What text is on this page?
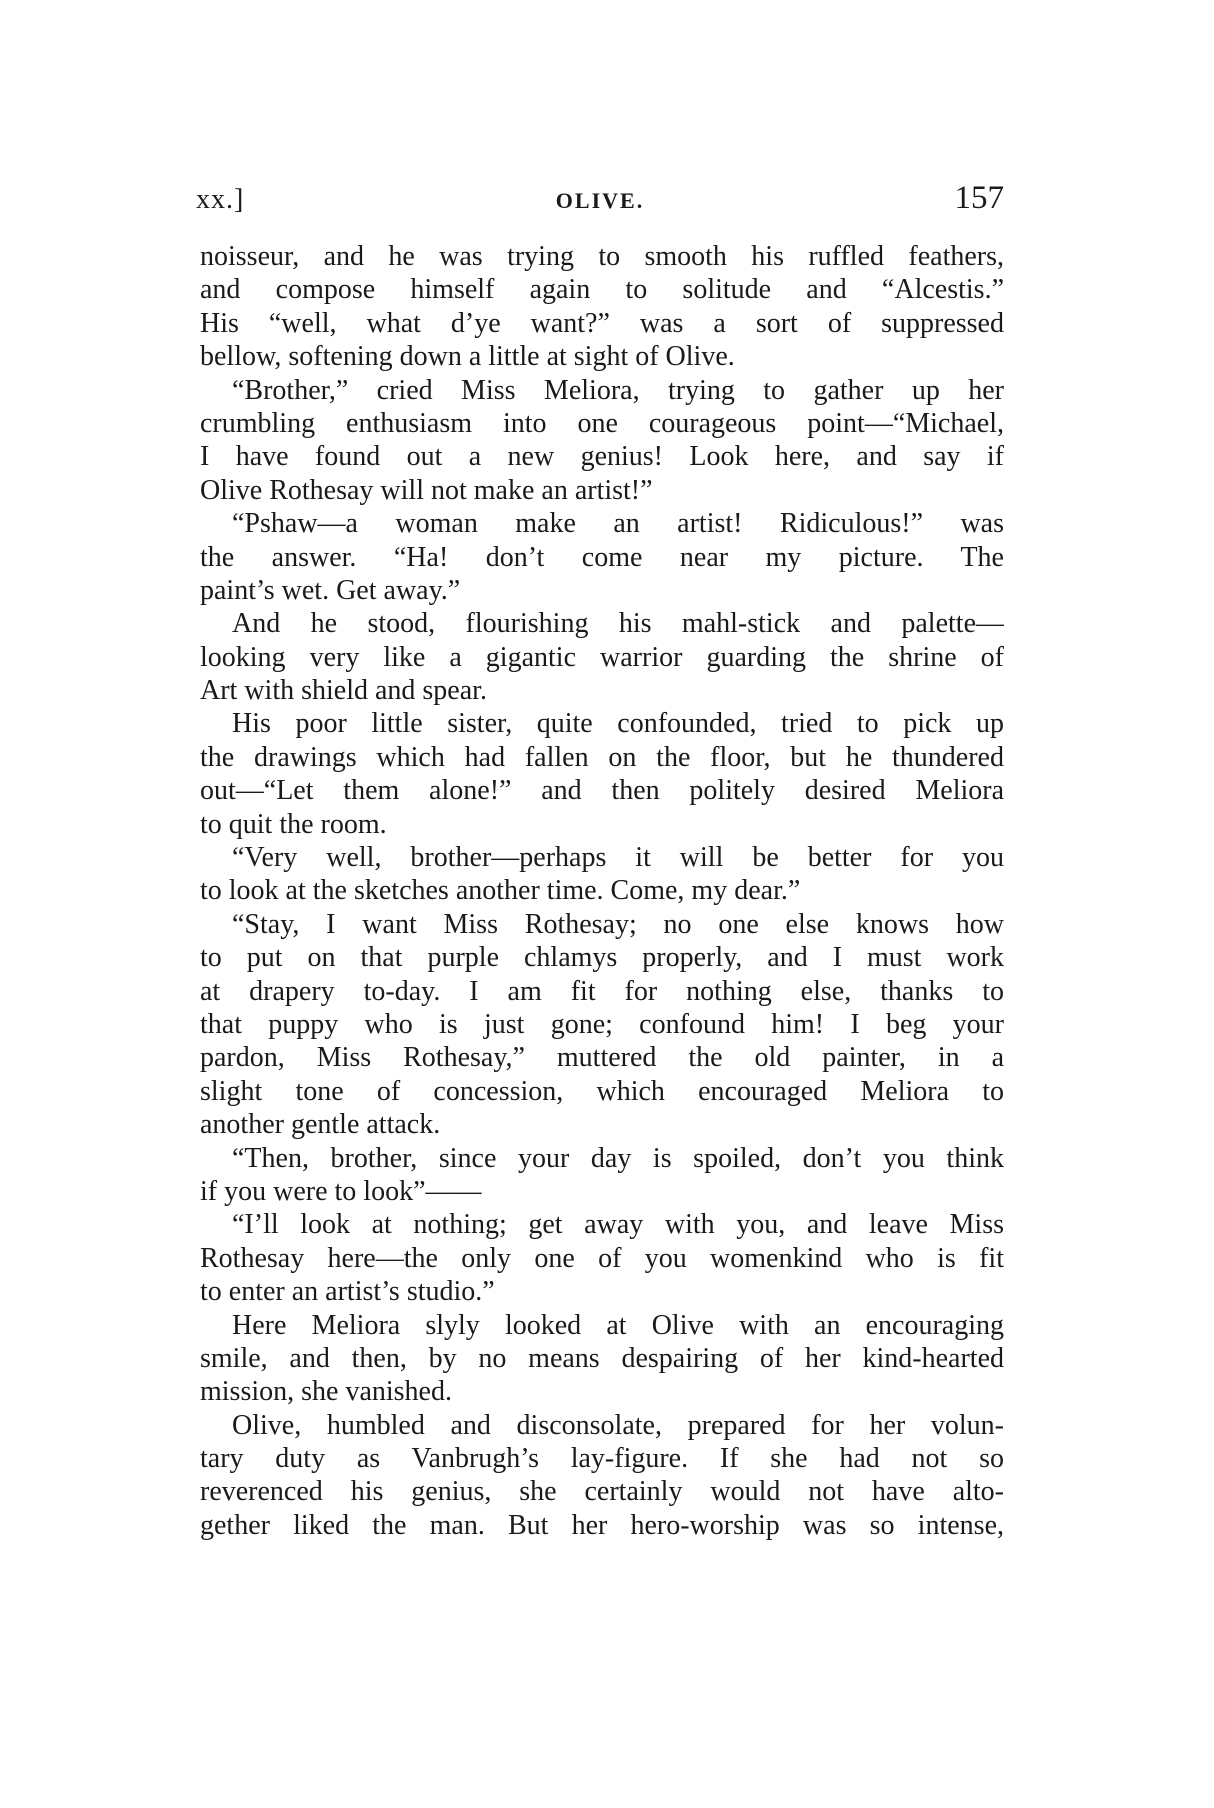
xx.]	OLIVE.	157
noisseur, and he was trying to smooth his ruffled feathers,
and compose himself again to solitude and “Alcestis.”
His “well, what d’ye want?” was a sort of suppressed
bellow, softening down a little at sight of Olive.
“Brother,” cried Miss Meliora, trying to gather up her
crumbling enthusiasm into one courageous point—“Michael,
I have found out a new genius! Look here, and say if
Olive Rothesay will not make an artist!”
“Pshaw—a woman make an artist! Ridiculous!” was
the answer. “Ha! don’t come near my picture. The
paint’s wet. Get away.”
And he stood, flourishing his mahl-stick and palette—
looking very like a gigantic warrior guarding the shrine of
Art with shield and spear.
His poor little sister, quite confounded, tried to pick up
the drawings which had fallen on the floor, but he thundered
out—“Let them alone!” and then politely desired Meliora
to quit the room.
“Very well, brother—perhaps it will be better for you
to look at the sketches another time. Come, my dear.”
“Stay, I want Miss Rothesay; no one else knows how
to put on that purple chlamys properly, and I must work
at drapery to-day. I am fit for nothing else, thanks to
that puppy who is just gone; confound him! I beg your
pardon, Miss Rothesay,” muttered the old painter, in a
slight tone of concession, which encouraged Meliora to
another gentle attack.
“Then, brother, since your day is spoiled, don’t you think
if you were to look”——
“I’ll look at nothing; get away with you, and leave Miss
Rothesay here—the only one of you womenkind who is fit
to enter an artist’s studio.”
Here Meliora slyly looked at Olive with an encouraging
smile, and then, by no means despairing of her kind-hearted
mission, she vanished.
Olive, humbled and disconsolate, prepared for her volun-
tary duty as Vanbrugh’s lay-figure. If she had not so
reverenced his genius, she certainly would not have alto-
gether liked the man. But her hero-worship was so intense,
